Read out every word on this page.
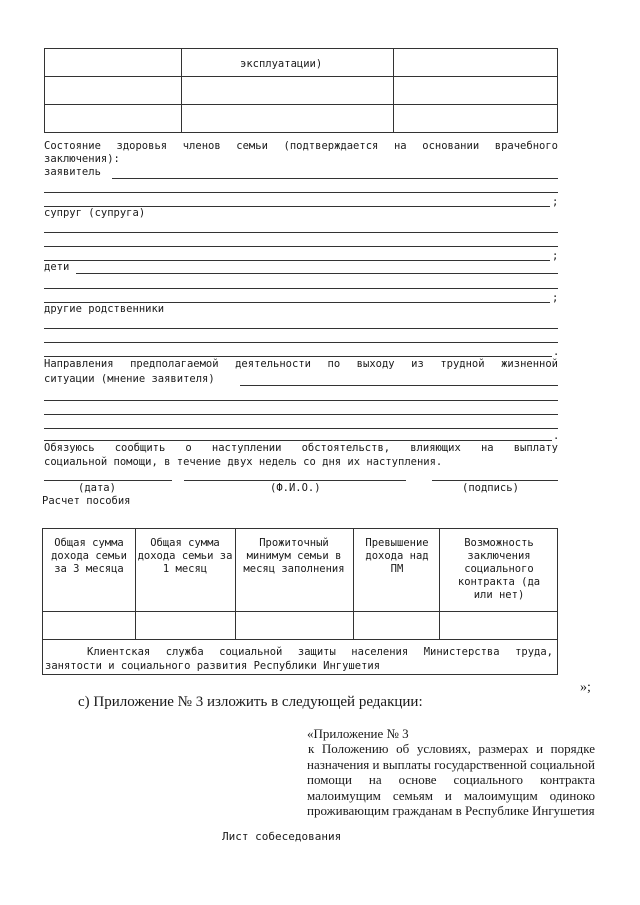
эксплуатации)
Состояние здоровья членов семьи (подтверждается на основании врачебного заключения):
заявитель
;
супруг (супруга)
;
дети
;
другие родственники
.
Направления предполагаемой деятельности по выходу из трудной жизненной
ситуации (мнение заявителя)
.
Обязуюсь сообщить о наступлении обстоятельств, влияющих на выплату
социальной помощи, в течение двух недель со дня их наступления.
(дата)	(Ф.И.О.)	(подпись)
Расчет пособия
Общая сумма дохода семьи за 3 месяца
Общая сумма дохода семьи за 1 месяц
Прожиточный минимум семьи в месяц заполнения
Превышение дохода над ПМ
Возможность заключения социального контракта (да или нет)
Клиентская служба социальной защиты населения Министерства труда,
занятости и социального развития Республики Ингушетия
»;
с) Приложение № 3 изложить в следующей редакции:
«Приложение № 3
к Положению об условиях, размерах и порядке назначения и выплаты государственной социальной помощи на основе социального контракта малоимущим семьям и малоимущим одиноко проживающим гражданам в Республике Ингушетия
Лист собеседования
